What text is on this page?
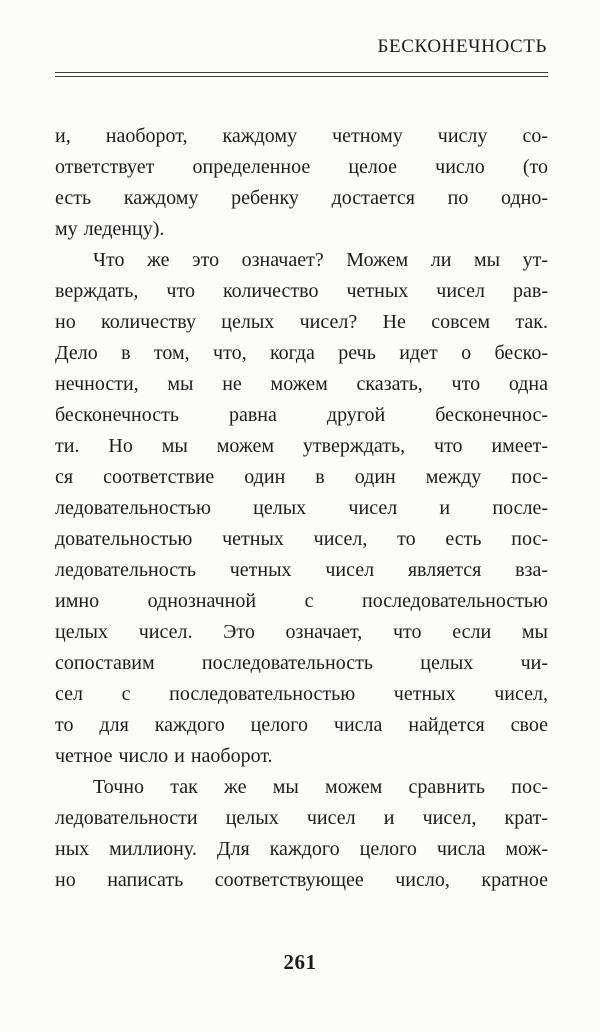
БЕСКОНЕЧНОСТЬ
и, наоборот, каждому четному числу со-
ответствует определенное целое число (то
есть каждому ребенку достается по одно-
му леденцу).
Что же это означает? Можем ли мы ут-
верждать, что количество четных чисел рав-
но количеству целых чисел? Не совсем так.
Дело в том, что, когда речь идет о беско-
нечности, мы не можем сказать, что одна
бесконечность равна другой бесконечнос-
ти. Но мы можем утверждать, что имеет-
ся соответствие один в один между пос-
ледовательностью целых чисел и после-
довательностью четных чисел, то есть пос-
ледовательность четных чисел является вза-
имно однозначной с последовательностью
целых чисел. Это означает, что если мы
сопоставим последовательность целых чи-
сел с последовательностью четных чисел,
то для каждого целого числа найдется свое
четное число и наоборот.
Точно так же мы можем сравнить пос-
ледовательности целых чисел и чисел, крат-
ных миллиону. Для каждого целого числа мож-
но написать соответствующее число, кратное
261
